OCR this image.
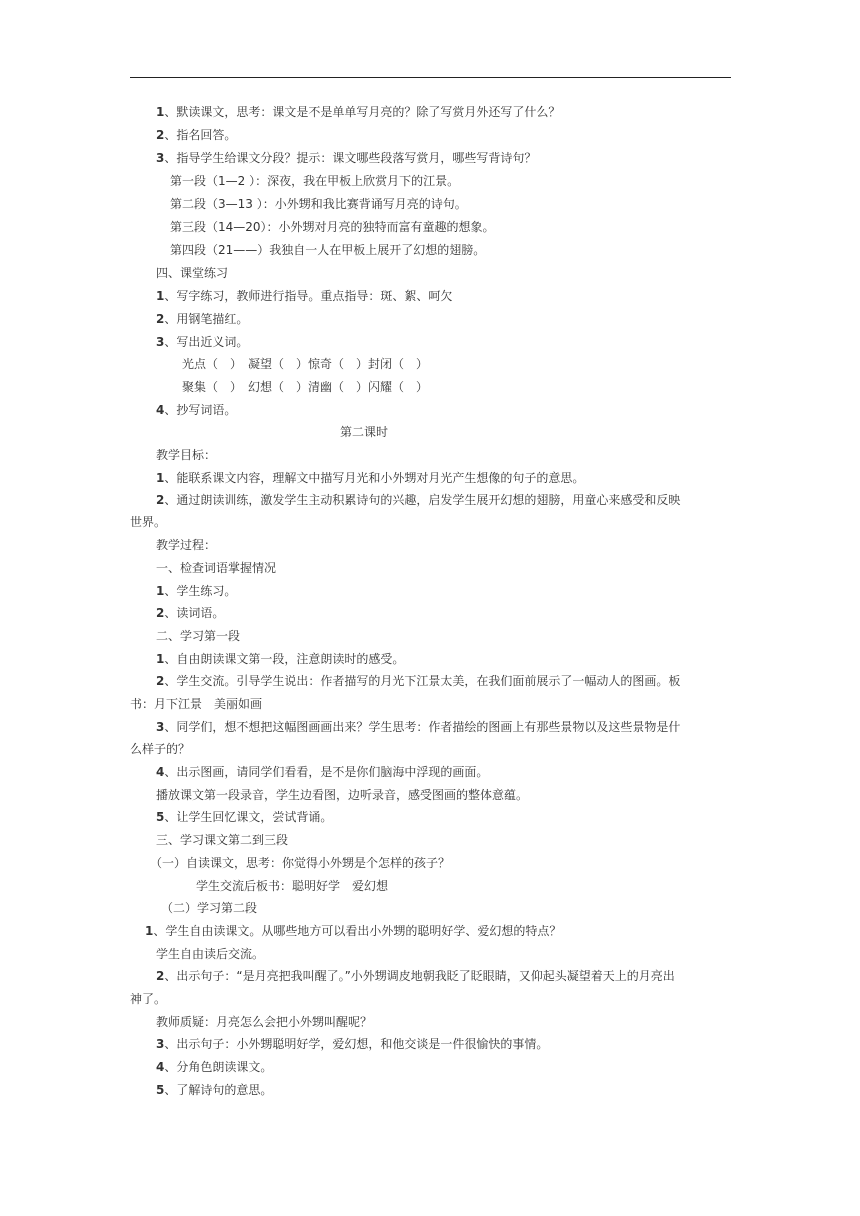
1、默读课文，思考：课文是不是单单写月亮的？除了写赏月外还写了什么？
2、指名回答。
3、指导学生给课文分段？提示：课文哪些段落写赏月，哪些写背诗句？
第一段（1—2 ）：深夜，我在甲板上欣赏月下的江景。
第二段（3—13 ）：小外甥和我比赛背诵写月亮的诗句。
第三段（14—20）：小外甥对月亮的独特而富有童趣的想象。
第四段（21——）我独自一人在甲板上展开了幻想的翅膀。
四、课堂练习
1、写字练习，教师进行指导。重点指导：斑、絮、呵欠
2、用钢笔描红。
3、写出近义词。
光点（　）　凝望（　）惊奇（　）封闭（　）
聚集（　）　幻想（　）清幽（　）闪耀（　）
4、抄写词语。
第二课时
教学目标：
1、能联系课文内容，理解文中描写月光和小外甥对月光产生想像的句子的意思。
2、通过朗读训练，激发学生主动积累诗句的兴趣，启发学生展开幻想的翅膀，用童心来感受和反映
世界。
教学过程：
一、检查词语掌握情况
1、学生练习。
2、读词语。
二、学习第一段
1、自由朗读课文第一段，注意朗读时的感受。
2、学生交流。引导学生说出：作者描写的月光下江景太美，在我们面前展示了一幅动人的图画。板
书：月下江景　美丽如画
3、同学们，想不想把这幅图画画出来？学生思考：作者描绘的图画上有那些景物以及这些景物是什
么样子的？
4、出示图画，请同学们看看，是不是你们脑海中浮现的画面。
播放课文第一段录音，学生边看图，边听录音，感受图画的整体意蕴。
5、让学生回忆课文，尝试背诵。
三、学习课文第二到三段
（一）自读课文，思考：你觉得小外甥是个怎样的孩子？
学生交流后板书：聪明好学　爱幻想
（二）学习第二段
1、学生自由读课文。从哪些地方可以看出小外甥的聪明好学、爱幻想的特点？
学生自由读后交流。
2、出示句子：“是月亮把我叫醒了。”小外甥调皮地朝我眨了眨眼睛，又仰起头凝望着天上的月亮出
神了。
教师质疑：月亮怎么会把小外甥叫醒呢？
3、出示句子：小外甥聪明好学，爱幻想，和他交谈是一件很愉快的事情。
4、分角色朗读课文。
5、了解诗句的意思。
